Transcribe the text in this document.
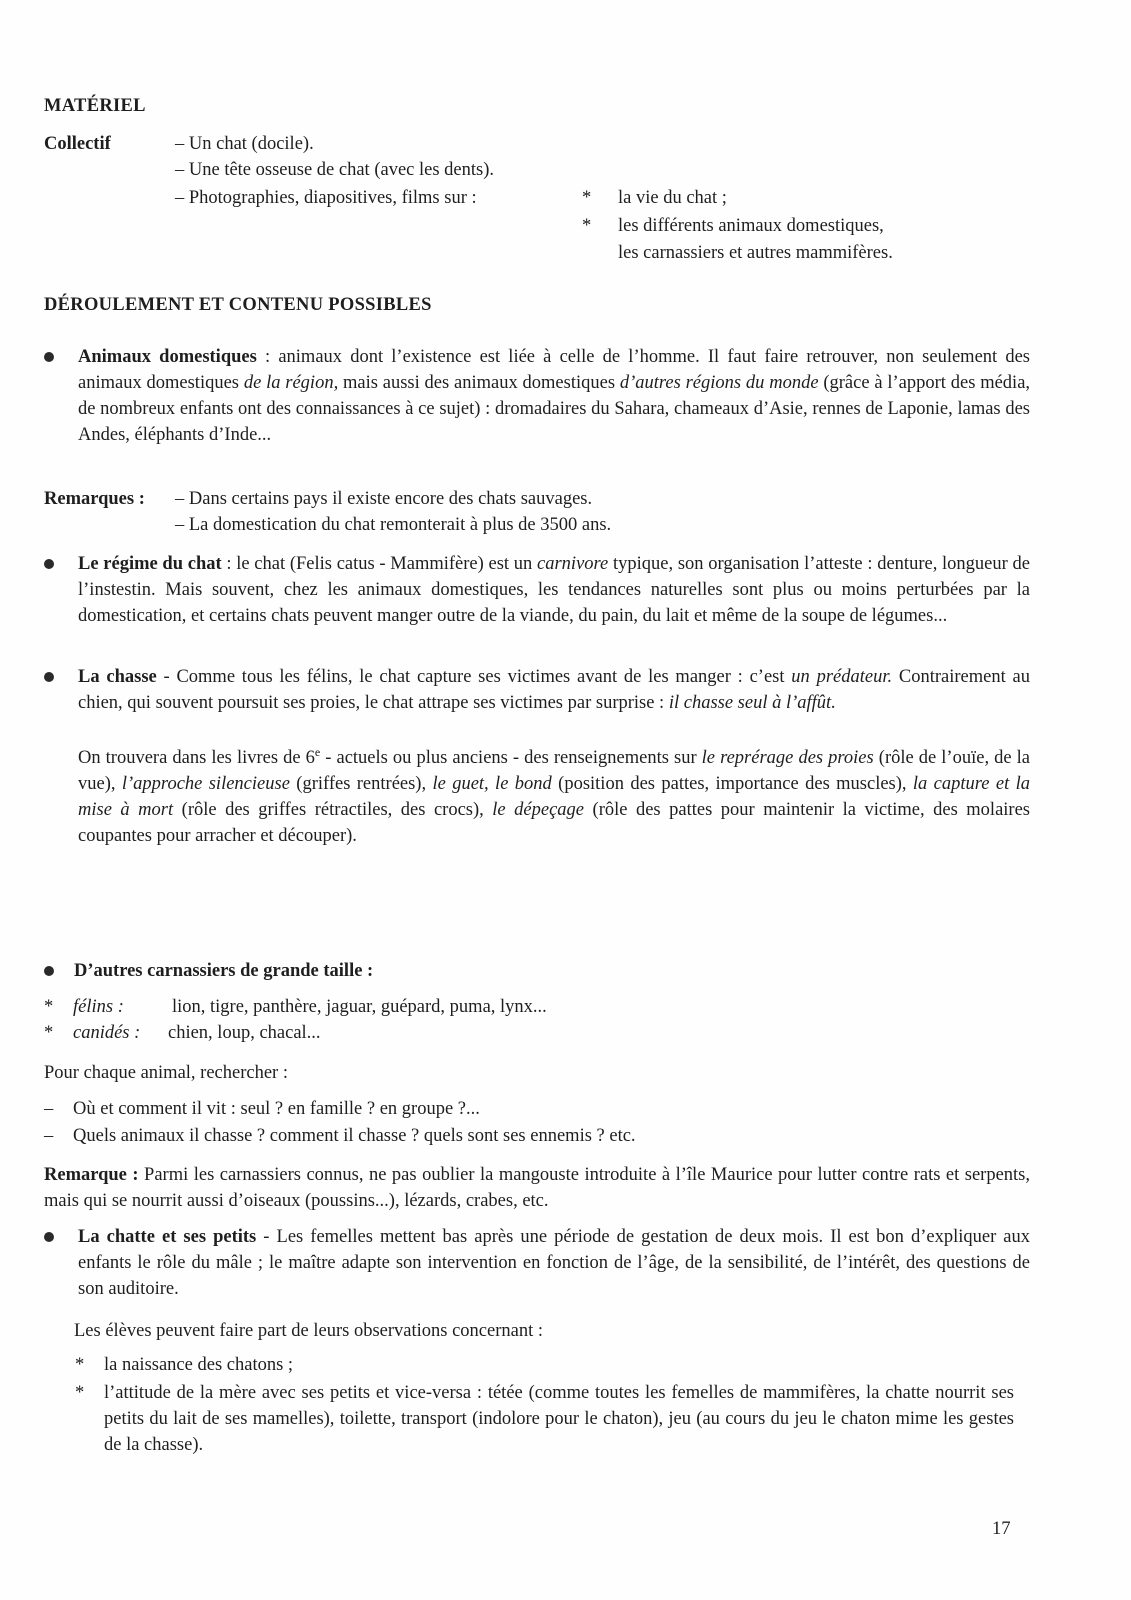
MATÉRIEL
Collectif	– Un chat (docile).
– Une tête osseuse de chat (avec les dents).
– Photographies, diapositives, films sur :	* la vie du chat ;
* les différents animaux domestiques,
les carnassiers et autres mammifères.
DÉROULEMENT ET CONTENU POSSIBLES
Animaux domestiques : animaux dont l’existence est liée à celle de l’homme. Il faut faire retrouver, non seulement des animaux domestiques de la région, mais aussi des animaux domestiques d’autres régions du monde (grâce à l’apport des média, de nombreux enfants ont des connaissances à ce sujet) : dromadaires du Sahara, chameaux d’Asie, rennes de Laponie, lamas des Andes, éléphants d’Inde...
Remarques : – Dans certains pays il existe encore des chats sauvages.
– La domestication du chat remonterait à plus de 3500 ans.
Le régime du chat : le chat (Felis catus - Mammifère) est un carnivore typique, son organisation l’atteste : denture, longueur de l’instestin. Mais souvent, chez les animaux domestiques, les tendances naturelles sont plus ou moins perturbées par la domestication, et certains chats peuvent manger outre de la viande, du pain, du lait et même de la soupe de légumes...
La chasse - Comme tous les félins, le chat capture ses victimes avant de les manger : c’est un prédateur. Contrairement au chien, qui souvent poursuit ses proies, le chat attrape ses victimes par surprise : il chasse seul à l’affût.
On trouvera dans les livres de 6e - actuels ou plus anciens - des renseignements sur le reprérage des proies (rôle de l’ouïe, de la vue), l’approche silencieuse (griffes rentrées), le guet, le bond (position des pattes, importance des muscles), la capture et la mise à mort (rôle des griffes rétractiles, des crocs), le dépeçage (rôle des pattes pour maintenir la victime, des molaires coupantes pour arracher et découper).
D’autres carnassiers de grande taille :
* félins :	lion, tigre, panthère, jaguar, guépard, puma, lynx...
* canidés : chien, loup, chacal...
Pour chaque animal, rechercher :
– Où et comment il vit : seul ? en famille ? en groupe ?...
– Quels animaux il chasse ? comment il chasse ? quels sont ses ennemis ? etc.
Remarque : Parmi les carnassiers connus, ne pas oublier la mangouste introduite à l’île Maurice pour lutter contre rats et serpents, mais qui se nourrit aussi d’oiseaux (poussins...), lézards, crabes, etc.
La chatte et ses petits - Les femelles mettent bas après une période de gestation de deux mois. Il est bon d’expliquer aux enfants le rôle du mâle ; le maître adapte son intervention en fonction de l’âge, de la sensibilité, de l’intérêt, des questions de son auditoire.
Les élèves peuvent faire part de leurs observations concernant :
* la naissance des chatons ;
* l’attitude de la mère avec ses petits et vice-versa : tétée (comme toutes les femelles de mammifères, la chatte nourrit ses petits du lait de ses mamelles), toilette, transport (indolore pour le chaton), jeu (au cours du jeu le chaton mime les gestes de la chasse).
17
